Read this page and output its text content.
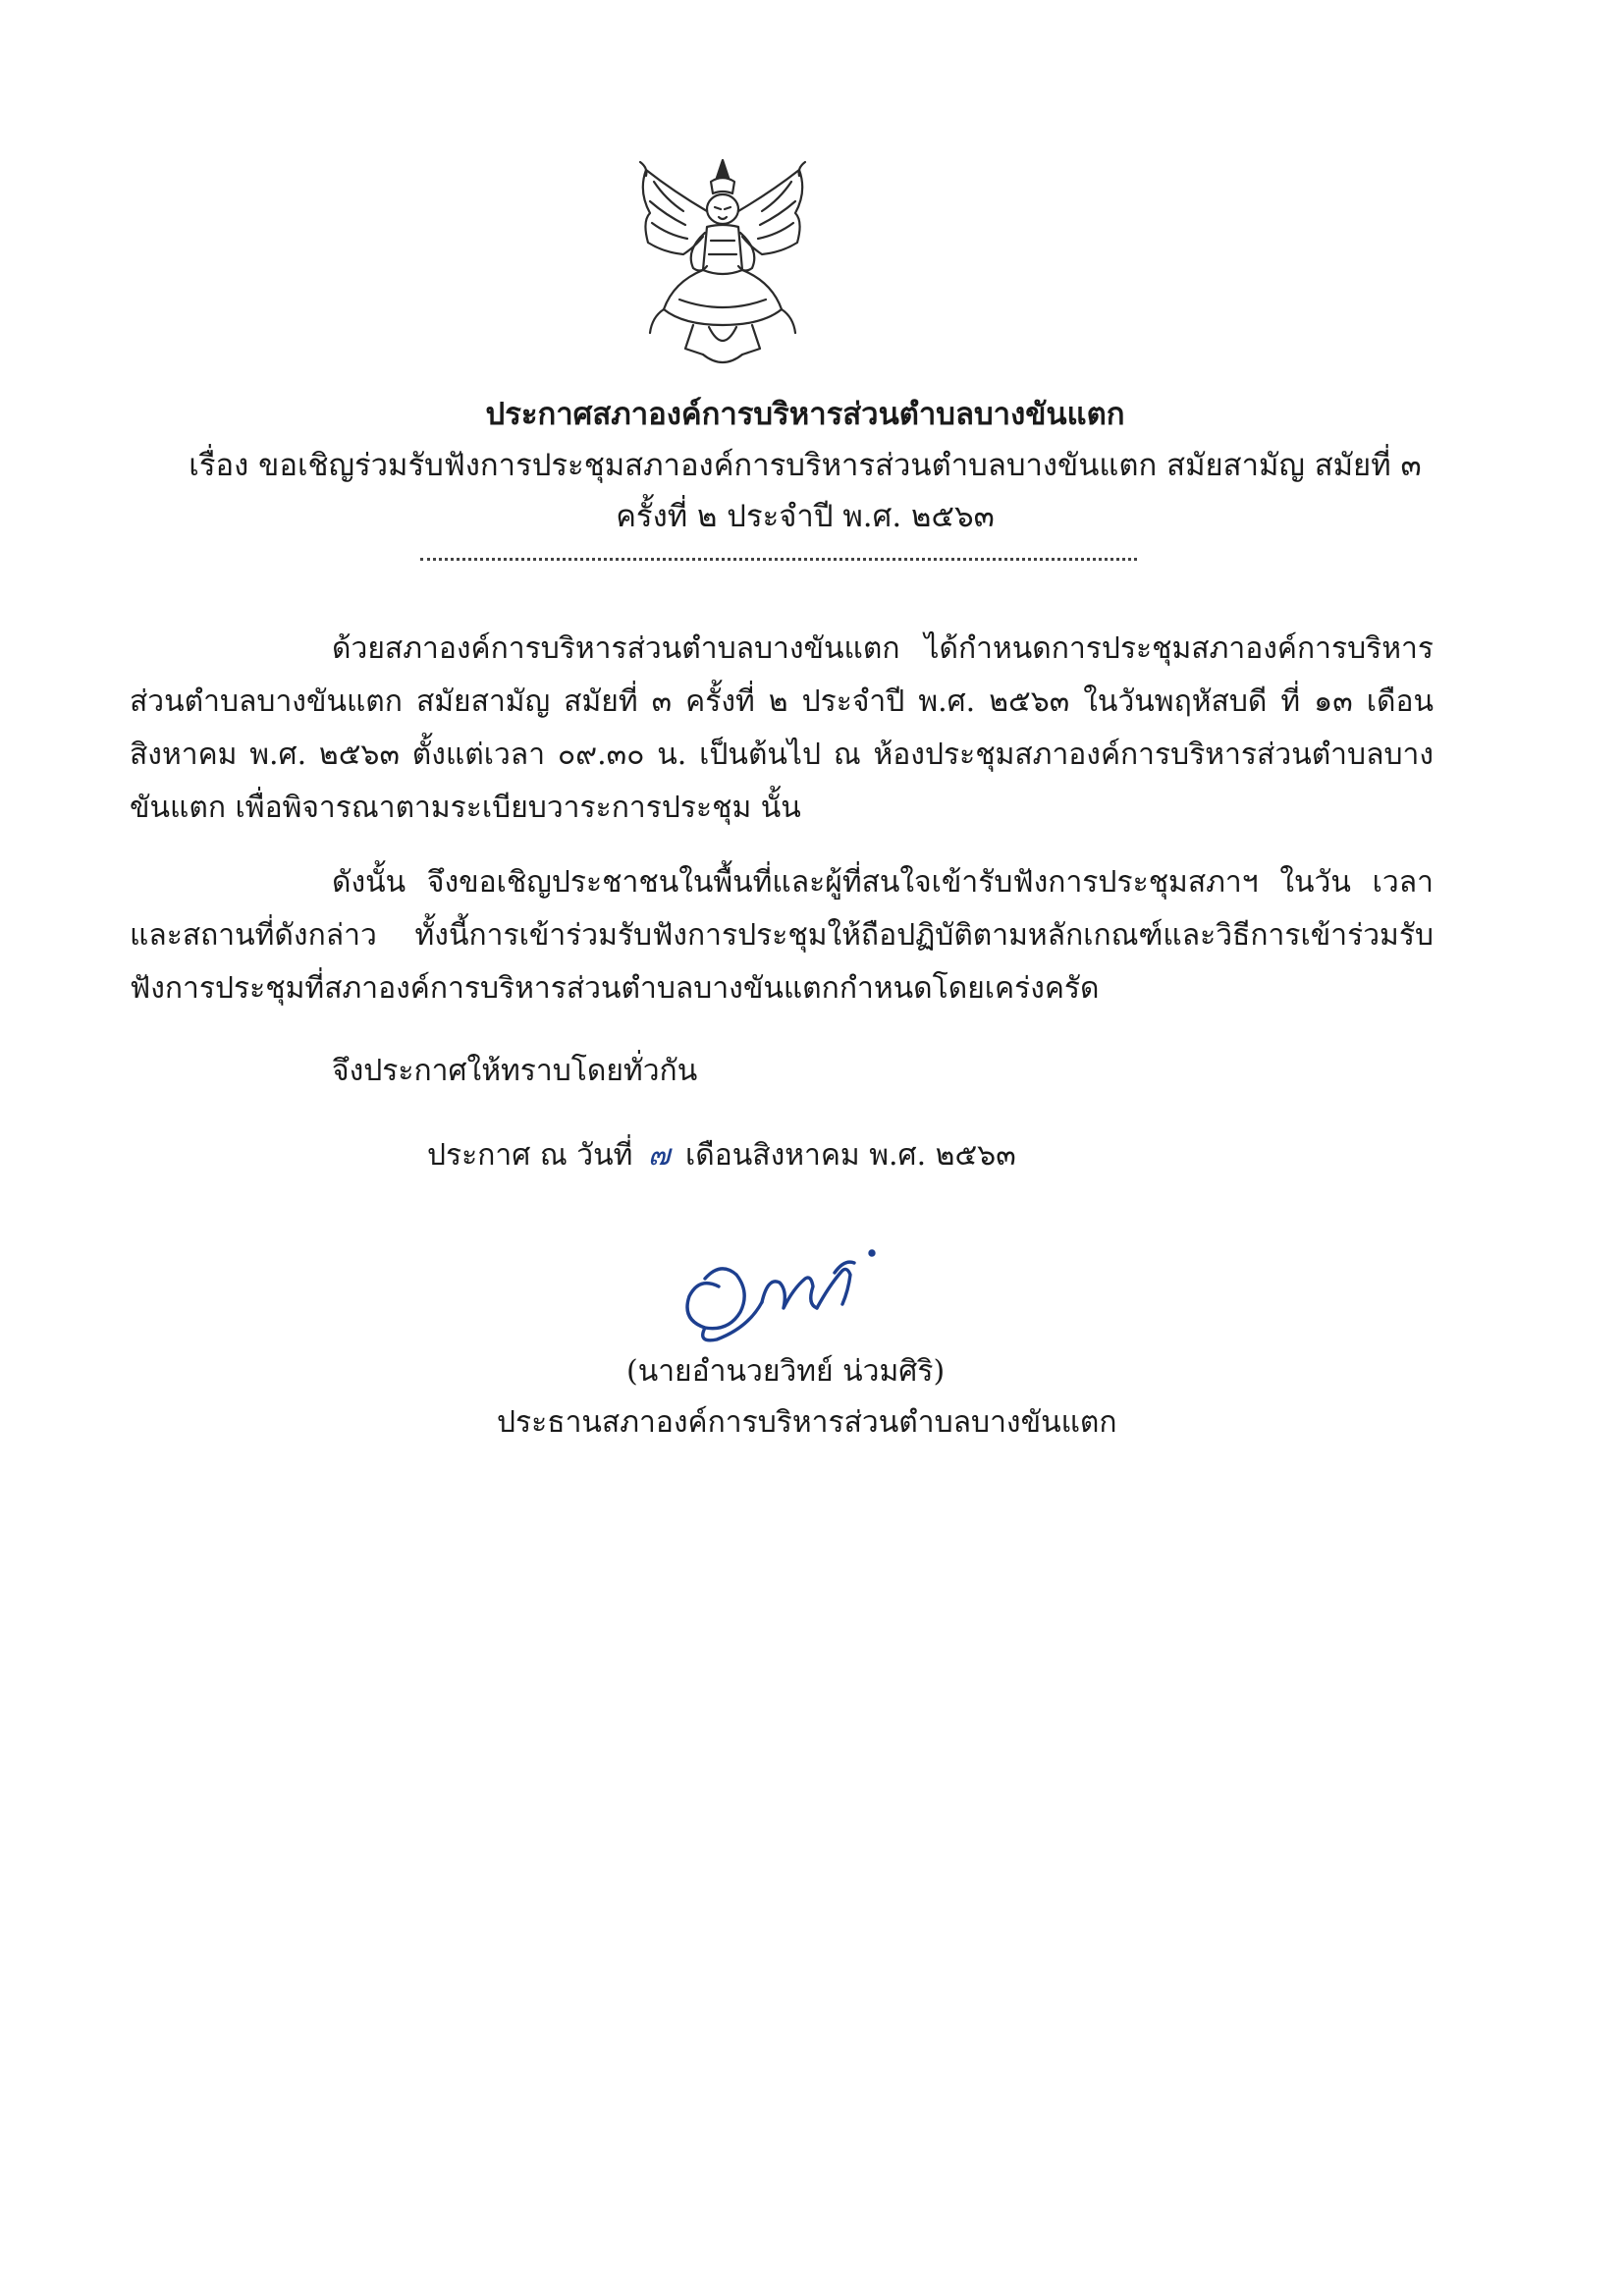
ประกาศสภาองค์การบริหารส่วนตำบลบางขันแตก
เรื่อง ขอเชิญร่วมรับฟังการประชุมสภาองค์การบริหารส่วนตำบลบางขันแตก สมัยสามัญ สมัยที่ ๓
ครั้งที่ ๒ ประจำปี พ.ศ. ๒๕๖๓
ด้วยสภาองค์การบริหารส่วนตำบลบางขันแตก ได้กำหนดการประชุมสภาองค์การบริหารส่วนตำบลบางขันแตก สมัยสามัญ สมัยที่ ๓ ครั้งที่ ๒ ประจำปี พ.ศ. ๒๕๖๓ ในวันพฤหัสบดี ที่ ๑๓ เดือนสิงหาคม พ.ศ. ๒๕๖๓ ตั้งแต่เวลา ๐๙.๓๐ น. เป็นต้นไป ณ ห้องประชุมสภาองค์การบริหารส่วนตำบลบางขันแตก เพื่อพิจารณาตามระเบียบวาระการประชุม นั้น
ดังนั้น จึงขอเชิญประชาชนในพื้นที่และผู้ที่สนใจเข้ารับฟังการประชุมสภาฯ ในวัน เวลา และสถานที่ดังกล่าว ทั้งนี้การเข้าร่วมรับฟังการประชุมให้ถือปฏิบัติตามหลักเกณฑ์และวิธีการเข้าร่วมรับฟังการประชุมที่สภาองค์การบริหารส่วนตำบลบางขันแตกกำหนดโดยเคร่งครัด
จึงประกาศให้ทราบโดยทั่วกัน
ประกาศ ณ วันที่ ๗ เดือนสิงหาคม พ.ศ. ๒๕๖๓
(นายอำนวยวิทย์ น่วมศิริ)
ประธานสภาองค์การบริหารส่วนตำบลบางขันแตก
